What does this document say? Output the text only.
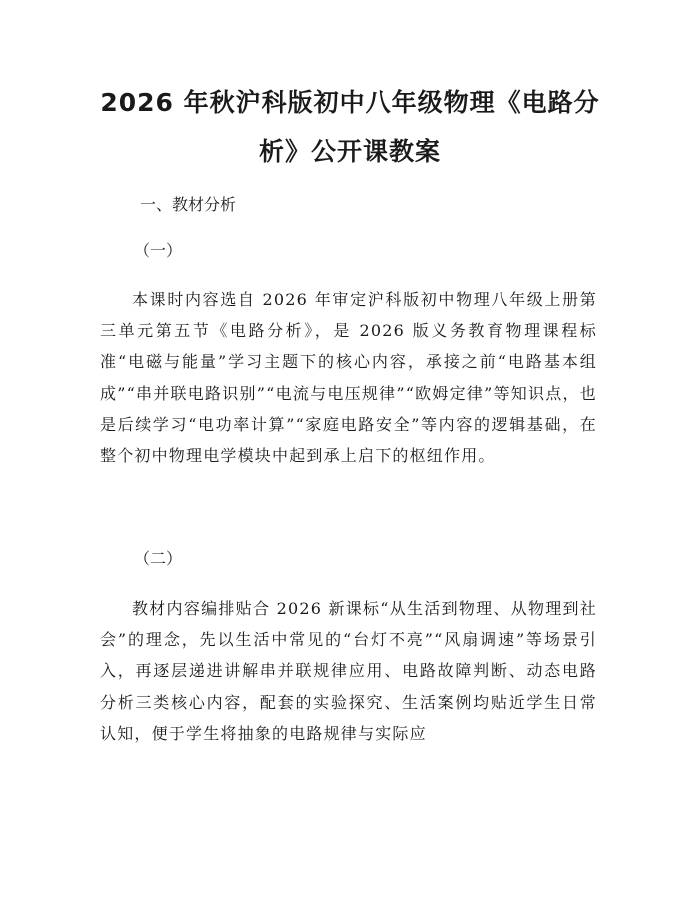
2026 年秋沪科版初中八年级物理《电路分析》公开课教案

一、教材分析

（一）

本课时内容选自 2026 年审定沪科版初中物理八年级上册第三单元第五节《电路分析》，是 2026 版义务教育物理课程标准“电磁与能量”学习主题下的核心内容，承接之前“电路基本组成”“串并联电路识别”“电流与电压规律”“欧姆定律”等知识点，也是后续学习“电功率计算”“家庭电路安全”等内容的逻辑基础，在整个初中物理电学模块中起到承上启下的枢纽作用。

（二）

教材内容编排贴合 2026 新课标“从生活到物理、从物理到社会”的理念，先以生活中常见的“台灯不亮”“风扇调速”等场景引入，再逐层递进讲解串并联规律应用、电路故障判断、动态电路分析三类核心内容，配套的实验探究、生活案例均贴近学生日常认知，便于学生将抽象的电路规律与实际应
